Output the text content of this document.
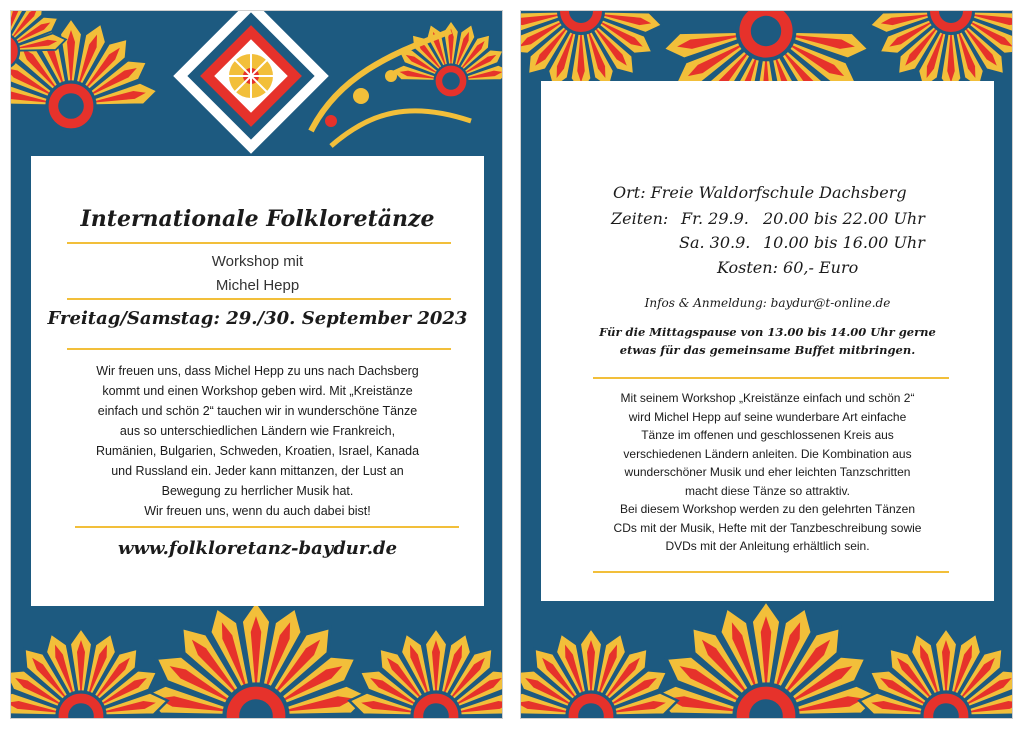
Internationale Folkloretänze
Workshop mit
Michel Hepp
Freitag/Samstag: 29./30. September 2023
Wir freuen uns, dass Michel Hepp zu uns nach Dachsberg
kommt und einen Workshop geben wird. Mit „Kreistänze
einfach und schön 2“ tauchen wir in wunderschöne Tänze
aus so unterschiedlichen Ländern wie Frankreich,
Rumänien, Bulgarien, Schweden, Kroatien, Israel, Kanada
und Russland ein. Jeder kann mittanzen, der Lust an
Bewegung zu herrlicher Musik hat.
Wir freuen uns, wenn du auch dabei bist!
www.folkloretanz-baydur.de
Ort: Freie Waldorfschule Dachsberg
Zeiten: Fr. 29.9. 20.00 bis 22.00 Uhr
Sa. 30.9. 10.00 bis 16.00 Uhr
Kosten: 60,- Euro
Infos & Anmeldung: baydur@t-online.de
Für die Mittagspause von 13.00 bis 14.00 Uhr gerne
etwas für das gemeinsame Buffet mitbringen.
Mit seinem Workshop „Kreistänze einfach und schön 2“
wird Michel Hepp auf seine wunderbare Art einfache
Tänze im offenen und geschlossenen Kreis aus
verschiedenen Ländern anleiten. Die Kombination aus
wunderschöner Musik und eher leichten Tanzschritten
macht diese Tänze so attraktiv.
Bei diesem Workshop werden zu den gelehrten Tänzen
CDs mit der Musik, Hefte mit der Tanzbeschreibung sowie
DVDs mit der Anleitung erhältlich sein.
